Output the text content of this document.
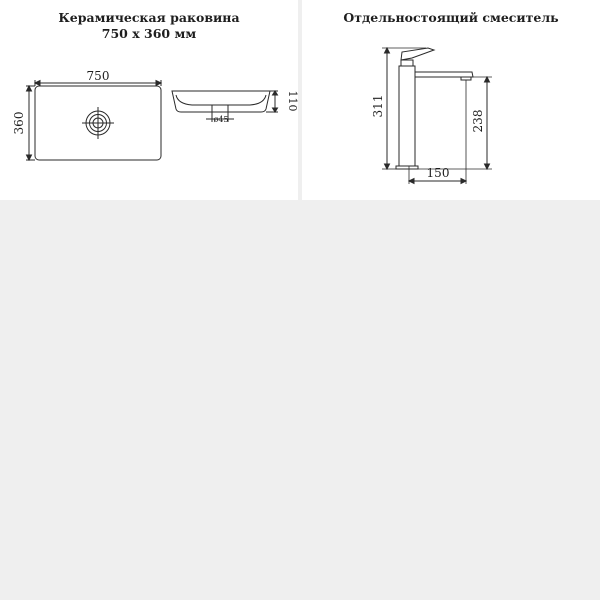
Керамическая раковина
750 x 360 мм
750
360
110
ø45
Отдельностоящий смеситель
311
238
150
